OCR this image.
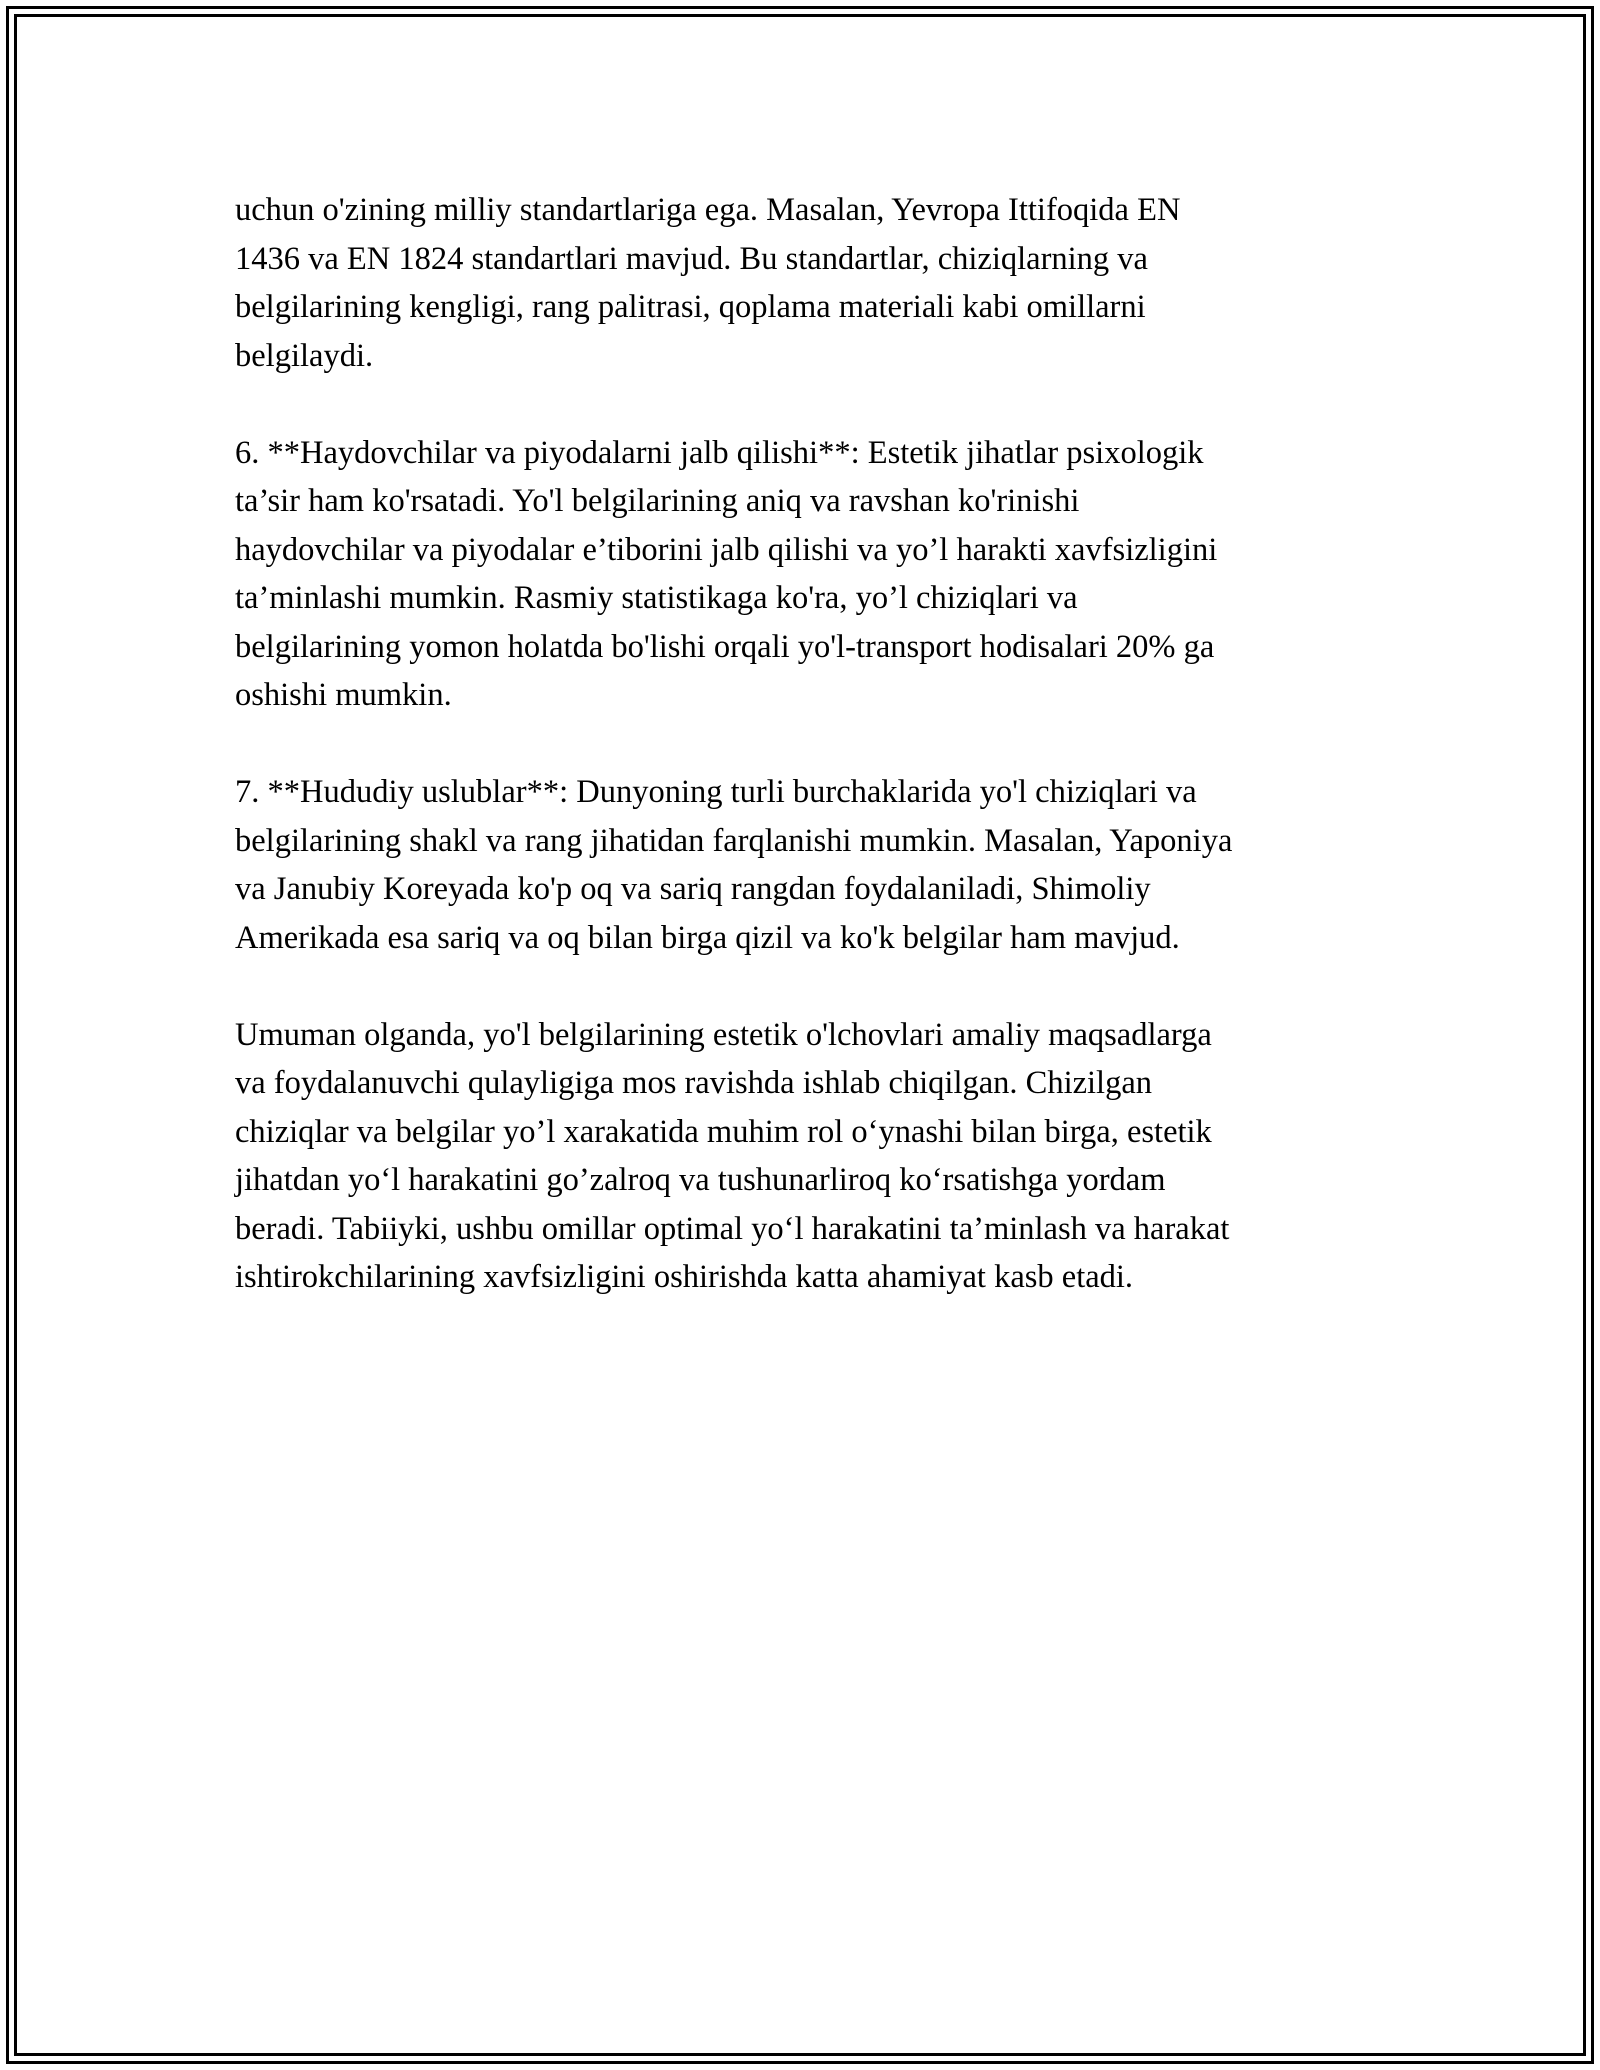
uchun o'zining milliy standartlariga ega. Masalan, Yevropa Ittifoqida EN
1436 va EN 1824 standartlari mavjud. Bu standartlar, chiziqlarning va
belgilarining kengligi, rang palitrasi, qoplama materiali kabi omillarni
belgilaydi.

6. **Haydovchilar va piyodalarni jalb qilishi**: Estetik jihatlar psixologik
ta’sir ham ko'rsatadi. Yo'l belgilarining aniq va ravshan ko'rinishi
haydovchilar va piyodalar e’tiborini jalb qilishi va yo’l harakti xavfsizligini
ta’minlashi mumkin. Rasmiy statistikaga ko'ra, yo’l chiziqlari va
belgilarining yomon holatda bo'lishi orqali yo'l-transport hodisalari 20% ga
oshishi mumkin.

7. **Hududiy uslublar**: Dunyoning turli burchaklarida yo'l chiziqlari va
belgilarining shakl va rang jihatidan farqlanishi mumkin. Masalan, Yaponiya
va Janubiy Koreyada ko'p oq va sariq rangdan foydalaniladi, Shimoliy
Amerikada esa sariq va oq bilan birga qizil va ko'k belgilar ham mavjud.

Umuman olganda, yo'l belgilarining estetik o'lchovlari amaliy maqsadlarga
va foydalanuvchi qulayligiga mos ravishda ishlab chiqilgan. Chizilgan
chiziqlar va belgilar yo’l xarakatida muhim rol o‘ynashi bilan birga, estetik
jihatdan yo‘l harakatini go’zalroq va tushunarliroq ko‘rsatishga yordam
beradi. Tabiiyki, ushbu omillar optimal yo‘l harakatini ta’minlash va harakat
ishtirokchilarining xavfsizligini oshirishda katta ahamiyat kasb etadi.
